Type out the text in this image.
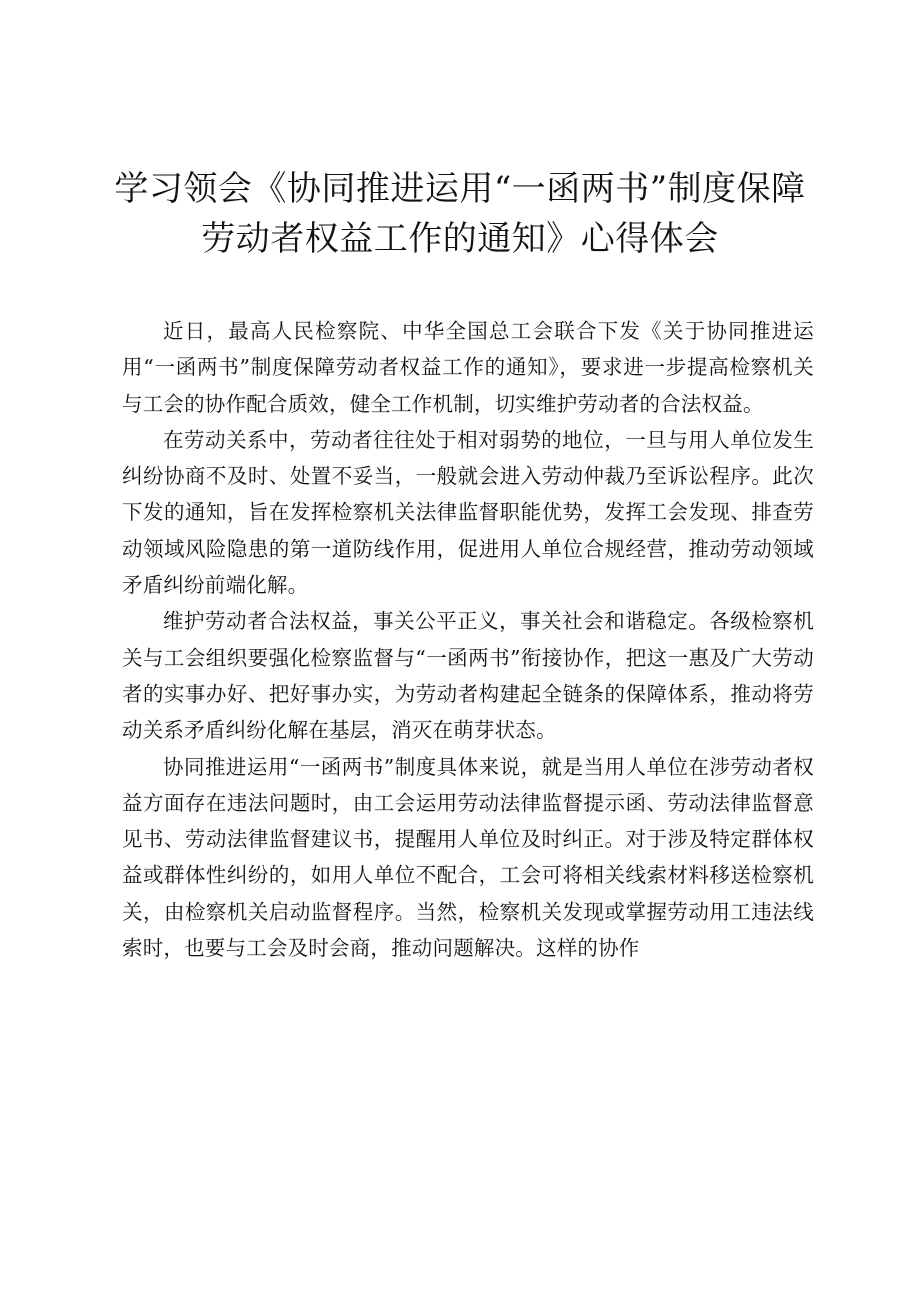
学习领会《协同推进运用“一函两书”制度保障
劳动者权益工作的通知》心得体会

近日，最高人民检察院、中华全国总工会联合下发《关于协同推进运用“一函两书”制度保障劳动者权益工作的通知》，要求进一步提高检察机关与工会的协作配合质效，健全工作机制，切实维护劳动者的合法权益。

在劳动关系中，劳动者往往处于相对弱势的地位，一旦与用人单位发生纠纷协商不及时、处置不妥当，一般就会进入劳动仲裁乃至诉讼程序。此次下发的通知，旨在发挥检察机关法律监督职能优势，发挥工会发现、排查劳动领域风险隐患的第一道防线作用，促进用人单位合规经营，推动劳动领域矛盾纠纷前端化解。

维护劳动者合法权益，事关公平正义，事关社会和谐稳定。各级检察机关与工会组织要强化检察监督与“一函两书”衔接协作，把这一惠及广大劳动者的实事办好、把好事办实，为劳动者构建起全链条的保障体系，推动将劳动关系矛盾纠纷化解在基层，消灭在萌芽状态。

协同推进运用“一函两书”制度具体来说，就是当用人单位在涉劳动者权益方面存在违法问题时，由工会运用劳动法律监督提示函、劳动法律监督意见书、劳动法律监督建议书，提醒用人单位及时纠正。对于涉及特定群体权益或群体性纠纷的，如用人单位不配合，工会可将相关线索材料移送检察机关，由检察机关启动监督程序。当然，检察机关发现或掌握劳动用工违法线索时，也要与工会及时会商，推动问题解决。这样的协作
